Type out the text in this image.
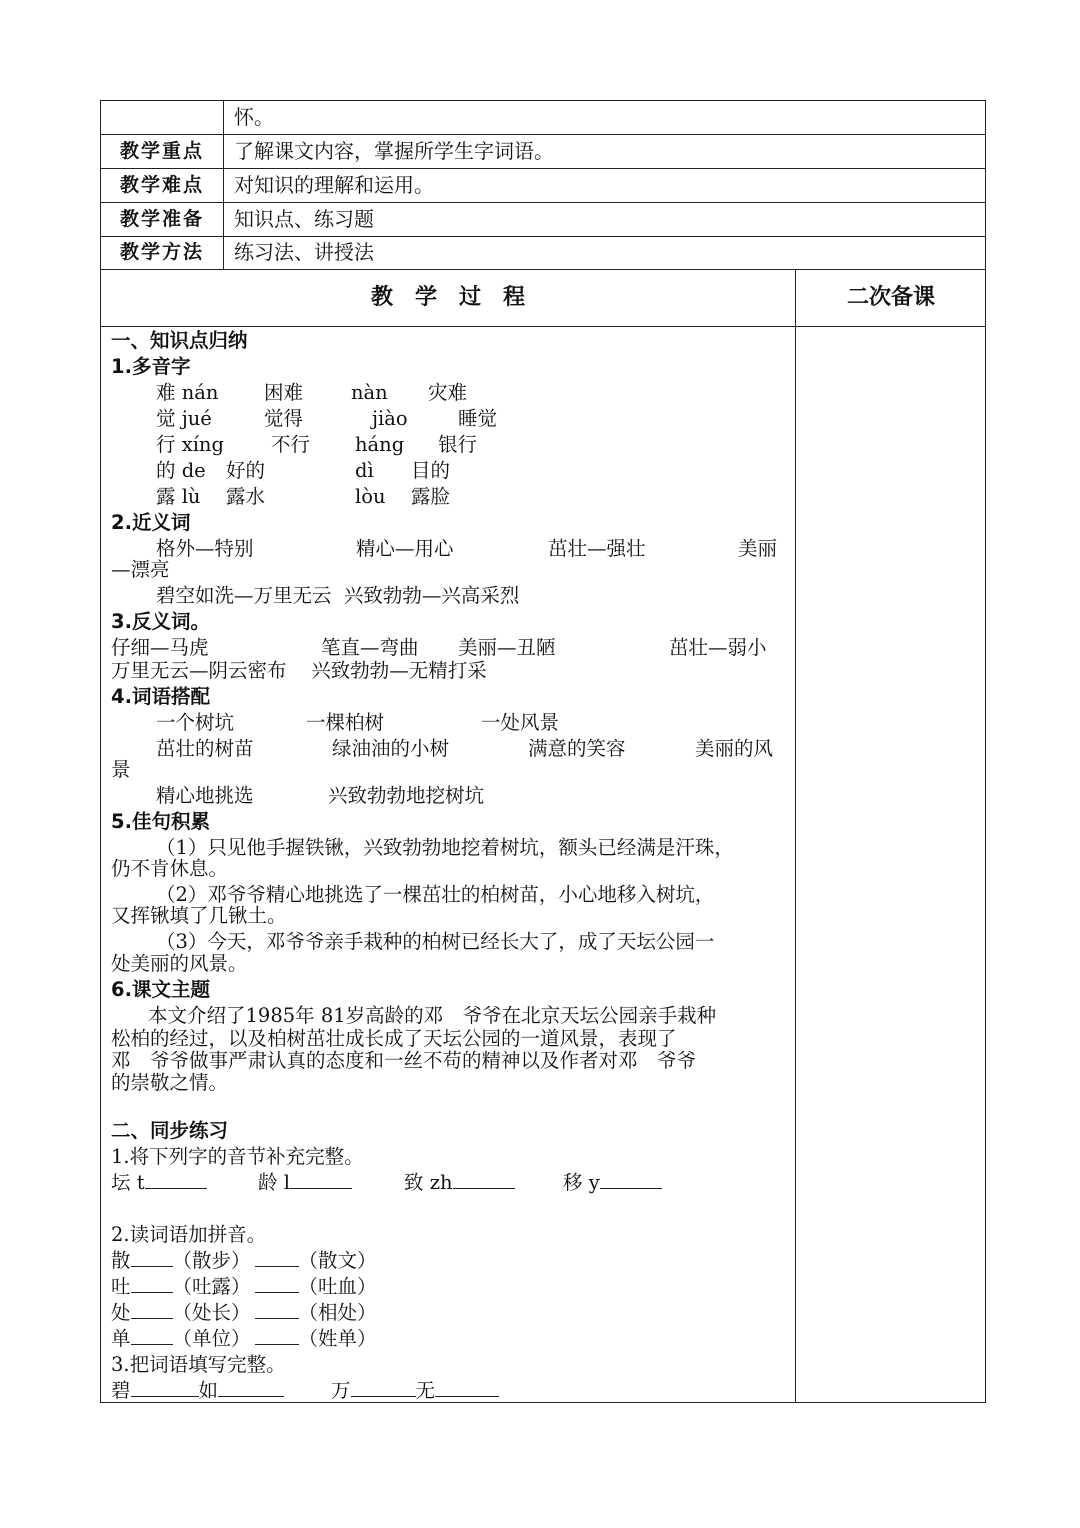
怀。
教学重点	了解课文内容，掌握所学生字词语。
教学难点	对知识的理解和运用。
教学准备	知识点、练习题
教学方法	练习法、讲授法
教　学　过　程	二次备课
一、知识点归纳
1.多音字
难 nán 困难 nàn 灾难
觉 jué	觉得	jiào	睡觉
行 xíng 不行 háng 银行
的 de 好的	dì 目的
露 lù 露水	lòu 露脸
2.近义词
格外—特别	精心—用心	茁壮—强壮	美丽
—漂亮
碧空如洗—万里无云  兴致勃勃—兴高采烈
3.反义词。
仔细—马虎	笔直—弯曲 美丽—丑陋	茁壮—弱小
万里无云—阴云密布    兴致勃勃—无精打采
4.词语搭配
一个树坑	一棵柏树	一处风景
茁壮的树苗	绿油油的小树	满意的笑容	美丽的风
景
精心地挑选	兴致勃勃地挖树坑
5.佳句积累
（1）只见他手握铁锹，兴致勃勃地挖着树坑，额头已经满是汗珠，
仍不肯休息。
（2）邓爷爷精心地挑选了一棵茁壮的柏树苗，小心地移入树坑，
又挥锹填了几锹土。
（3）今天，邓爷爷亲手栽种的柏树已经长大了，成了天坛公园一
处美丽的风景。
6.课文主题
本文介绍了1985年 81岁高龄的邓　爷爷在北京天坛公园亲手栽种
松柏的经过，以及柏树茁壮成长成了天坛公园的一道风景，表现了
邓　爷爷做事严肃认真的态度和一丝不苟的精神以及作者对邓　爷爷
的崇敬之情。
二、同步练习
1.将下列字的音节补充完整。
坛 t	龄 l	致 zh	移 y
2.读词语加拼音。
散 （散步） （散文）
吐 （吐露） （吐血）
处 （处长） （相处）
单 （单位） （姓单）
3.把词语填写完整。
碧	如	万	无
